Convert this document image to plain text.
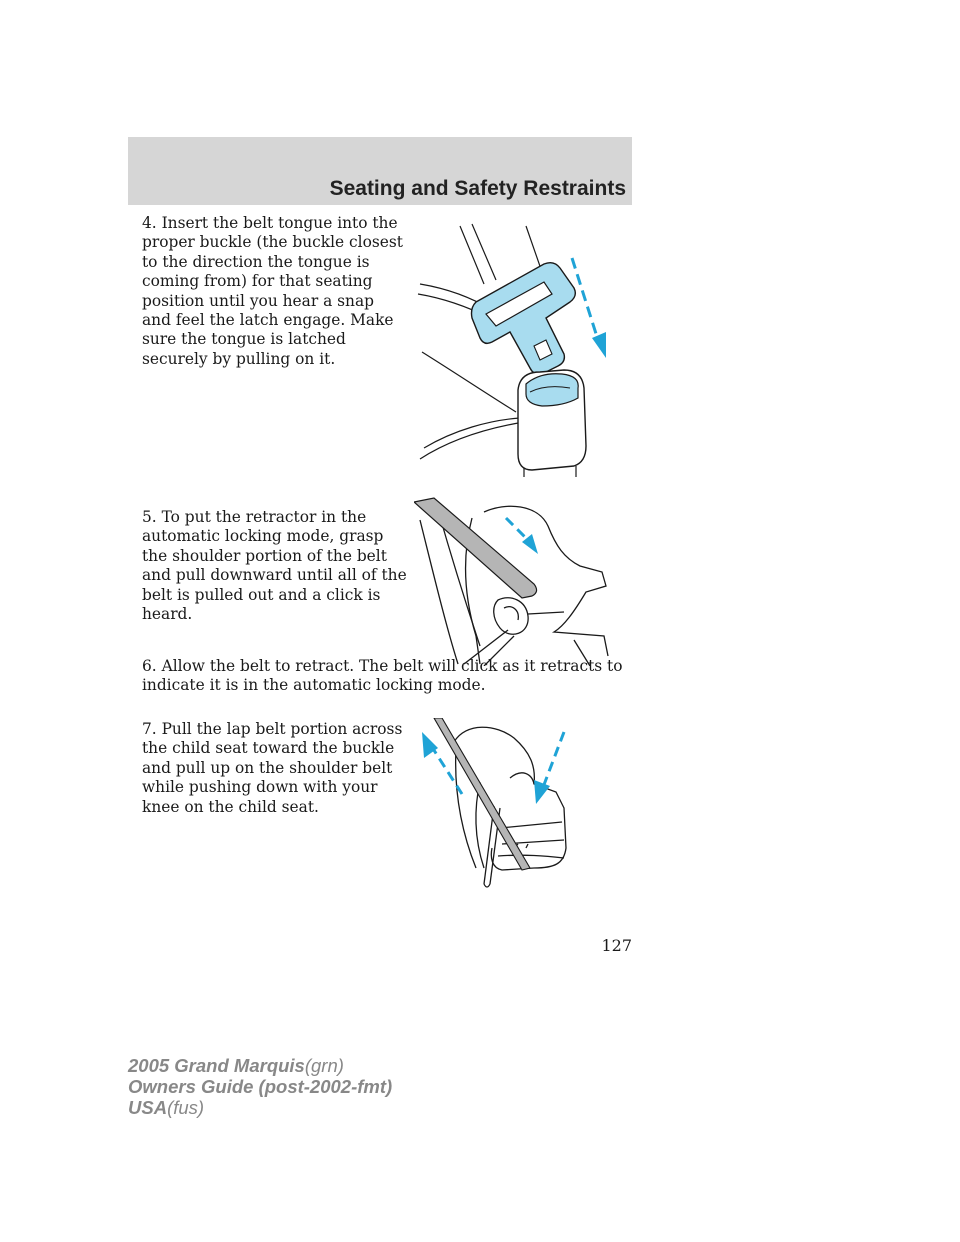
Seating and Safety Restraints

4. Insert the belt tongue into the proper buckle (the buckle closest to the direction the tongue is coming from) for that seating position until you hear a snap and feel the latch engage. Make sure the tongue is latched securely by pulling on it.

5. To put the retractor in the automatic locking mode, grasp the shoulder portion of the belt and pull downward until all of the belt is pulled out and a click is heard.

6. Allow the belt to retract. The belt will click as it retracts to indicate it is in the automatic locking mode.

7. Pull the lap belt portion across the child seat toward the buckle and pull up on the shoulder belt while pushing down with your knee on the child seat.

127
2005 Grand Marquis(grn)
Owners Guide (post-2002-fmt)
USA(fus)
